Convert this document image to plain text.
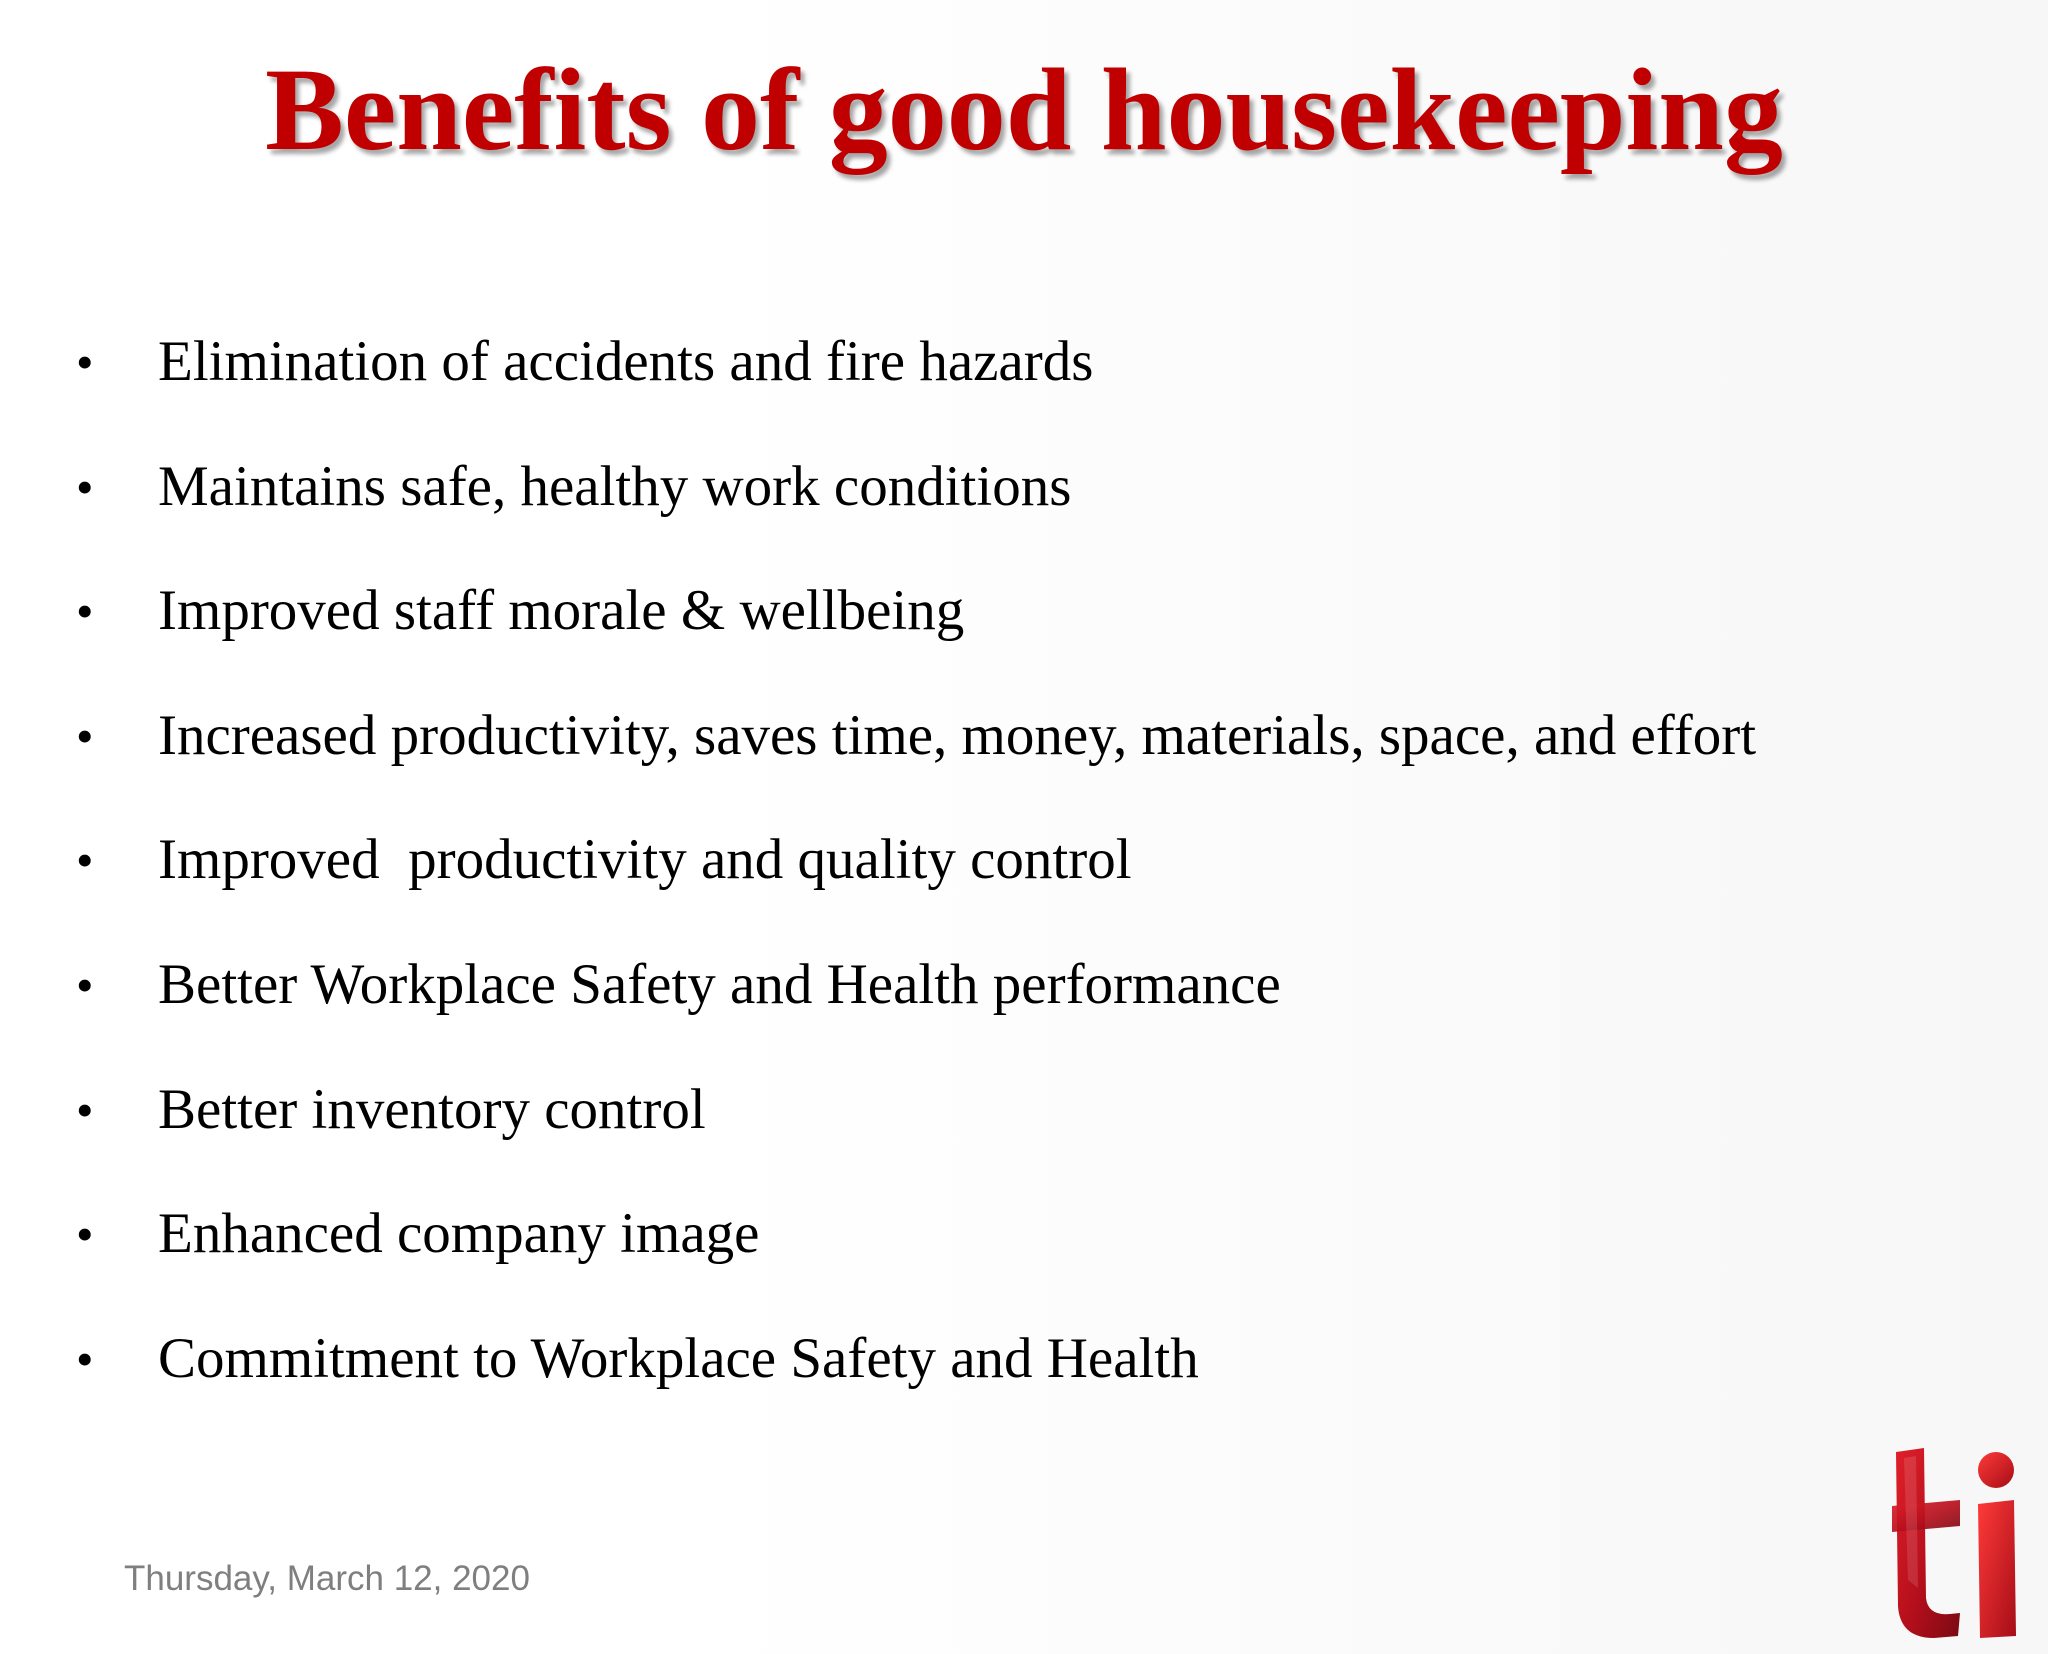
Benefits of good housekeeping
• Elimination of accidents and fire hazards
• Maintains safe, healthy work conditions
• Improved staff morale & wellbeing
• Increased productivity, saves time, money, materials, space, and effort
• Improved  productivity and quality control
• Better Workplace Safety and Health performance
• Better inventory control
• Enhanced company image
• Commitment to Workplace Safety and Health
Thursday, March 12, 2020
